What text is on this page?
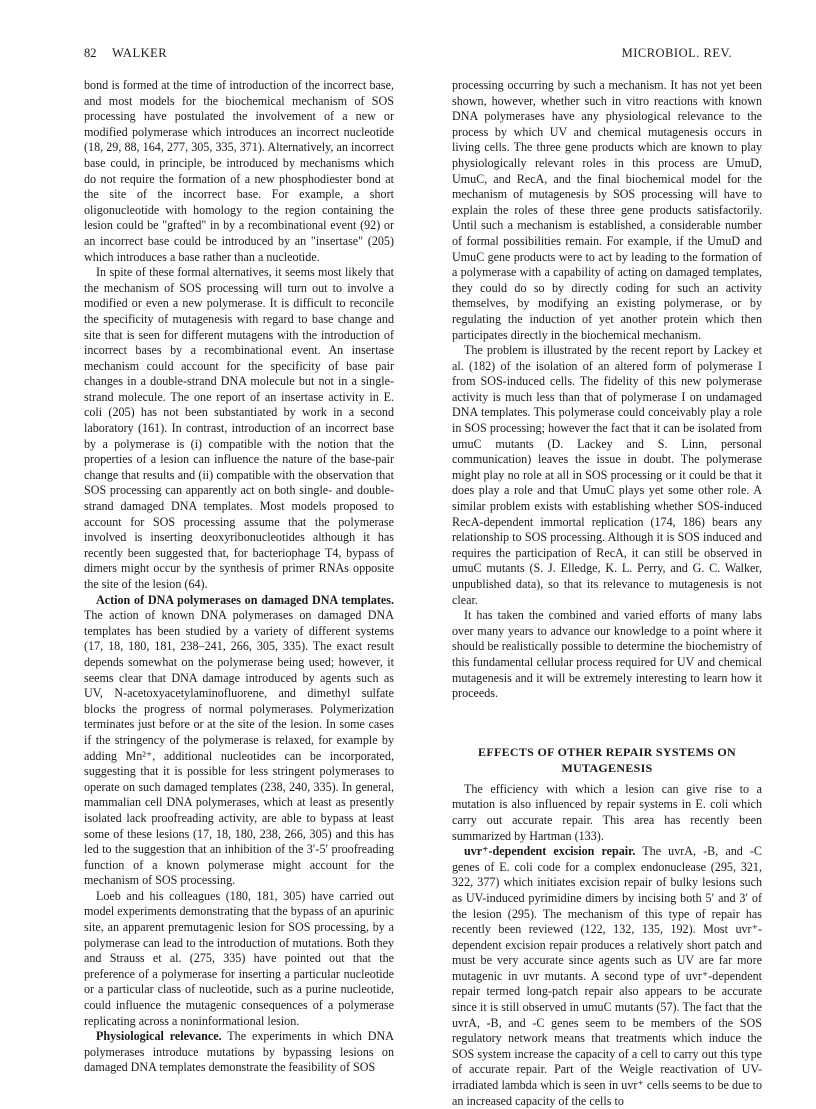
82 WALKER	MICROBIOL. REV.

bond is formed at the time of introduction of the incorrect base, and most models for the biochemical mechanism of SOS processing have postulated the involvement of a new or modified polymerase which introduces an incorrect nucleotide (18, 29, 88, 164, 277, 305, 335, 371). Alternatively, an incorrect base could, in principle, be introduced by mechanisms which do not require the formation of a new phosphodiester bond at the site of the incorrect base. For example, a short oligonucleotide with homology to the region containing the lesion could be "grafted" in by a recombinational event (92) or an incorrect base could be introduced by an "insertase" (205) which introduces a base rather than a nucleotide.

In spite of these formal alternatives, it seems most likely that the mechanism of SOS processing will turn out to involve a modified or even a new polymerase. It is difficult to reconcile the specificity of mutagenesis with regard to base change and site that is seen for different mutagens with the introduction of incorrect bases by a recombinational event. An insertase mechanism could account for the specificity of base pair changes in a double-strand DNA molecule but not in a single-strand molecule. The one report of an insertase activity in E. coli (205) has not been substantiated by work in a second laboratory (161). In contrast, introduction of an incorrect base by a polymerase is (i) compatible with the notion that the properties of a lesion can influence the nature of the base-pair change that results and (ii) compatible with the observation that SOS processing can apparently act on both single- and double-strand damaged DNA templates. Most models proposed to account for SOS processing assume that the polymerase involved is inserting deoxyribonucleotides although it has recently been suggested that, for bacteriophage T4, bypass of dimers might occur by the synthesis of primer RNAs opposite the site of the lesion (64).

Action of DNA polymerases on damaged DNA templates. The action of known DNA polymerases on damaged DNA templates has been studied by a variety of different systems (17, 18, 180, 181, 238–241, 266, 305, 335). The exact result depends somewhat on the polymerase being used; however, it seems clear that DNA damage introduced by agents such as UV, N-acetoxyacetylaminofluorene, and dimethyl sulfate blocks the progress of normal polymerases. Polymerization terminates just before or at the site of the lesion. In some cases if the stringency of the polymerase is relaxed, for example by adding Mn²⁺, additional nucleotides can be incorporated, suggesting that it is possible for less stringent polymerases to operate on such damaged templates (238, 240, 335). In general, mammalian cell DNA polymerases, which at least as presently isolated lack proofreading activity, are able to bypass at least some of these lesions (17, 18, 180, 238, 266, 305) and this has led to the suggestion that an inhibition of the 3′-5′ proofreading function of a known polymerase might account for the mechanism of SOS processing.

Loeb and his colleagues (180, 181, 305) have carried out model experiments demonstrating that the bypass of an apurinic site, an apparent premutagenic lesion for SOS processing, by a polymerase can lead to the introduction of mutations. Both they and Strauss et al. (275, 335) have pointed out that the preference of a polymerase for inserting a particular nucleotide or a particular class of nucleotide, such as a purine nucleotide, could influence the mutagenic consequences of a polymerase replicating across a noninformational lesion.

Physiological relevance. The experiments in which DNA polymerases introduce mutations by bypassing lesions on damaged DNA templates demonstrate the feasibility of SOS

processing occurring by such a mechanism. It has not yet been shown, however, whether such in vitro reactions with known DNA polymerases have any physiological relevance to the process by which UV and chemical mutagenesis occurs in living cells. The three gene products which are known to play physiologically relevant roles in this process are UmuD, UmuC, and RecA, and the final biochemical model for the mechanism of mutagenesis by SOS processing will have to explain the roles of these three gene products satisfactorily. Until such a mechanism is established, a considerable number of formal possibilities remain. For example, if the UmuD and UmuC gene products were to act by leading to the formation of a polymerase with a capability of acting on damaged templates, they could do so by directly coding for such an activity themselves, by modifying an existing polymerase, or by regulating the induction of yet another protein which then participates directly in the biochemical mechanism.

The problem is illustrated by the recent report by Lackey et al. (182) of the isolation of an altered form of polymerase I from SOS-induced cells. The fidelity of this new polymerase activity is much less than that of polymerase I on undamaged DNA templates. This polymerase could conceivably play a role in SOS processing; however the fact that it can be isolated from umuC mutants (D. Lackey and S. Linn, personal communication) leaves the issue in doubt. The polymerase might play no role at all in SOS processing or it could be that it does play a role and that UmuC plays yet some other role. A similar problem exists with establishing whether SOS-induced RecA-dependent immortal replication (174, 186) bears any relationship to SOS processing. Although it is SOS induced and requires the participation of RecA, it can still be observed in umuC mutants (S. J. Elledge, K. L. Perry, and G. C. Walker, unpublished data), so that its relevance to mutagenesis is not clear.

It has taken the combined and varied efforts of many labs over many years to advance our knowledge to a point where it should be realistically possible to determine the biochemistry of this fundamental cellular process required for UV and chemical mutagenesis and it will be extremely interesting to learn how it proceeds.

EFFECTS OF OTHER REPAIR SYSTEMS ON
MUTAGENESIS

The efficiency with which a lesion can give rise to a mutation is also influenced by repair systems in E. coli which carry out accurate repair. This area has recently been summarized by Hartman (133).

uvr⁺-dependent excision repair. The uvrA, -B, and -C genes of E. coli code for a complex endonuclease (295, 321, 322, 377) which initiates excision repair of bulky lesions such as UV-induced pyrimidine dimers by incising both 5′ and 3′ of the lesion (295). The mechanism of this type of repair has recently been reviewed (122, 132, 135, 192). Most uvr⁺-dependent excision repair produces a relatively short patch and must be very accurate since agents such as UV are far more mutagenic in uvr mutants. A second type of uvr⁺-dependent repair termed long-patch repair also appears to be accurate since it is still observed in umuC mutants (57). The fact that the uvrA, -B, and -C genes seem to be members of the SOS regulatory network means that treatments which induce the SOS system increase the capacity of a cell to carry out this type of accurate repair. Part of the Weigle reactivation of UV-irradiated lambda which is seen in uvr⁺ cells seems to be due to an increased capacity of the cells to
